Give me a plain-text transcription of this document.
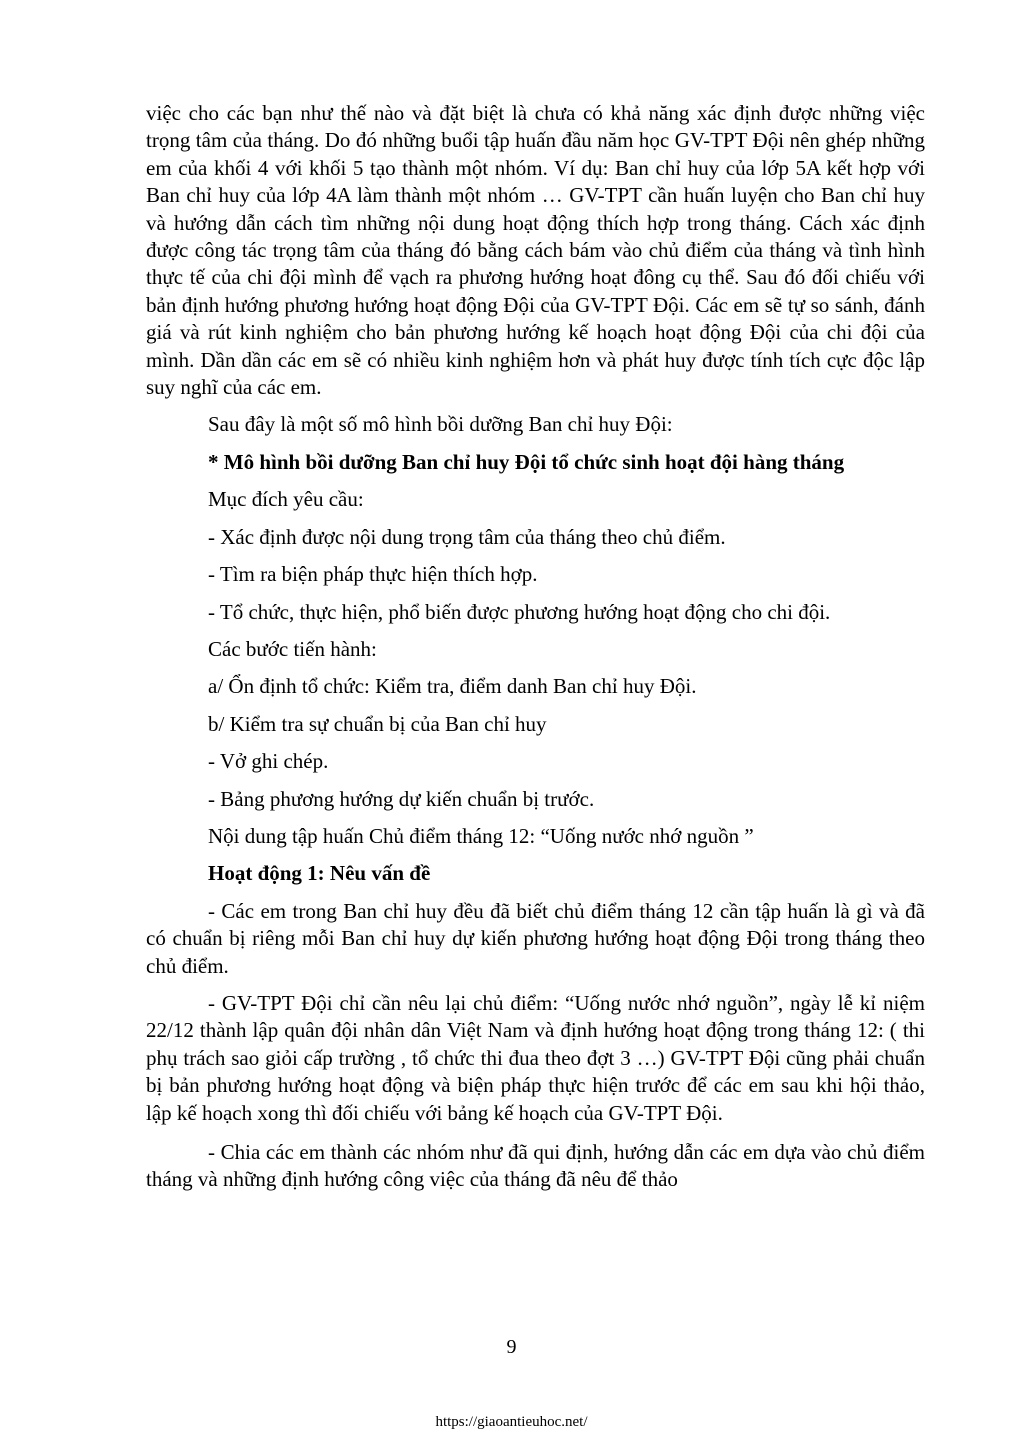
việc cho các bạn như thế nào và đặt biệt là chưa có khả năng xác định được những việc trọng tâm của tháng. Do đó những buổi tập huấn đầu năm học GV-TPT Đội nên ghép những em của khối 4 với khối 5 tạo thành một nhóm. Ví dụ: Ban chỉ huy của lớp 5A kết hợp với Ban chỉ huy của lớp 4A làm thành một nhóm … GV-TPT cần huấn luyện cho Ban chỉ huy và hướng dẫn cách tìm những nội dung hoạt động thích hợp trong tháng. Cách xác định được công tác trọng tâm của tháng đó bằng cách bám vào chủ điểm của tháng và tình hình thực tế của chi đội mình để vạch ra phương hướng hoạt đông cụ thể. Sau đó đối chiếu với bản định hướng phương hướng hoạt động Đội của GV-TPT Đội. Các em sẽ tự so sánh, đánh giá và rút kinh nghiệm cho bản phương hướng kế hoạch hoạt động Đội của chi đội của mình. Dần dần các em sẽ có nhiều kinh nghiệm hơn và phát huy được tính tích cực độc lập suy nghĩ của các em.

Sau đây là một số mô hình bồi dưỡng Ban chỉ huy Đội:

* Mô hình bồi dưỡng Ban chỉ huy Đội tổ chức sinh hoạt đội hàng tháng

Mục đích yêu cầu:

- Xác định được nội dung trọng tâm của tháng theo chủ điểm.

- Tìm ra biện pháp thực hiện thích hợp.

- Tổ chức, thực hiện, phổ biến được phương hướng hoạt động cho chi đội.

Các bước tiến hành:

a/ Ổn định tổ chức: Kiểm tra, điểm danh Ban chỉ huy Đội.

b/ Kiểm tra sự chuẩn bị của Ban chỉ huy

- Vở ghi chép.

- Bảng phương hướng dự kiến chuẩn bị trước.

Nội dung tập huấn Chủ điểm tháng 12: “Uống nước nhớ nguồn ”

Hoạt động 1: Nêu vấn đề

- Các em trong Ban chỉ huy đều đã biết chủ điểm tháng 12 cần tập huấn là gì và đã có chuẩn bị riêng mỗi Ban chỉ huy dự kiến phương hướng hoạt động Đội trong tháng theo chủ điểm.

- GV-TPT Đội chỉ cần nêu lại chủ điểm: “Uống nước nhớ nguồn”, ngày lễ kỉ niệm 22/12 thành lập quân đội nhân dân Việt Nam và định hướng hoạt động trong tháng 12: ( thi phụ trách sao giỏi cấp trường , tổ chức thi đua theo đợt 3 …) GV-TPT Đội cũng phải chuẩn bị bản phương hướng hoạt động và biện pháp thực hiện trước để các em sau khi hội thảo, lập kế hoạch xong thì đối chiếu với bảng kế hoạch của GV-TPT Đội.

- Chia các em thành các nhóm như đã qui định, hướng dẫn các em dựa vào chủ điểm tháng và những định hướng công việc của tháng đã nêu để thảo

9
https://giaoantieuhoc.net/
